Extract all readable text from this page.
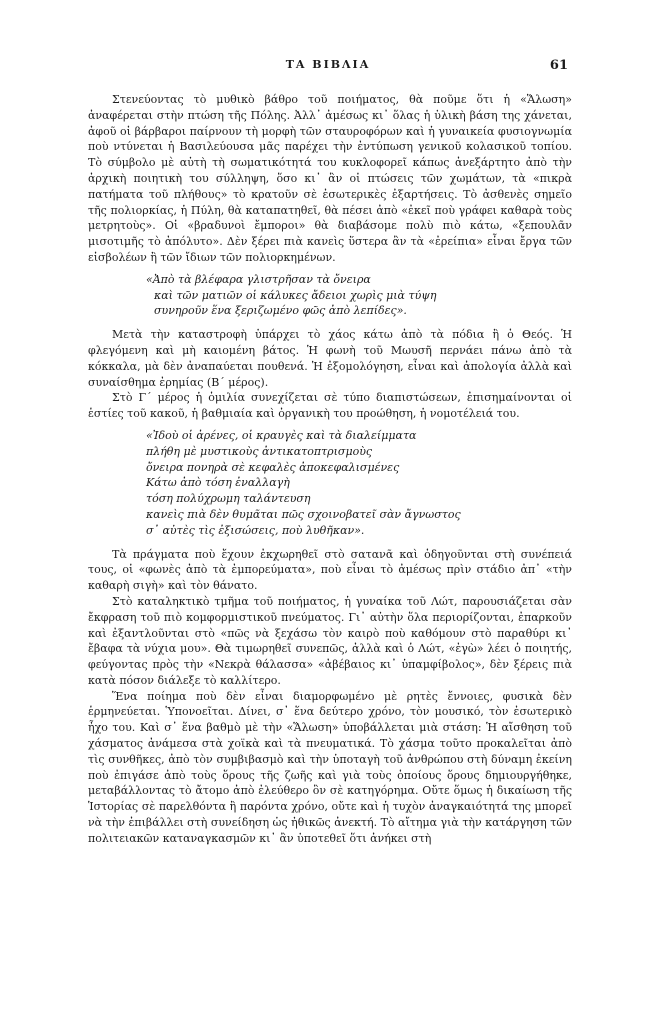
ΤΑ ΒΙΒΛΙΑ	61

Στενεύοντας τὸ μυθικὸ βάθρο τοῦ ποιήματος, θὰ ποῦμε ὅτι ἡ «Ἅλωση» ἀναφέρεται στὴν πτώση τῆς Πόλης. Ἀλλ᾽ ἀμέσως κι᾽ ὅλας ἡ ὑλικὴ βάση της χάνεται, ἀφοῦ οἱ βάρβαροι παίρνουν τὴ μορφὴ τῶν σταυροφόρων καὶ ἡ γυναικεία φυσιογνωμία ποὺ ντύνεται ἡ Βασιλεύουσα μᾶς παρέχει τὴν ἐντύπωση γενικοῦ κολασικοῦ τοπίου. Τὸ σύμβολο μὲ αὐτὴ τὴ σωματικότητά του κυκλοφορεῖ κάπως ἀνεξάρτητο ἀπὸ τὴν ἀρχικὴ ποιητικὴ του σύλληψη, ὅσο κι᾽ ἂν οἱ πτώσεις τῶν χωμάτων, τὰ «πικρὰ πατήματα τοῦ πλήθους» τὸ κρατοῦν σὲ ἐσωτερικὲς ἐξαρτήσεις. Τὸ ἀσθενὲς σημεῖο τῆς πολιορκίας, ἡ Πύλη, θὰ καταπατηθεῖ, θὰ πέσει ἀπὸ «ἐκεῖ ποὺ γράφει καθαρὰ τοὺς μετρητοὺς». Οἱ «βραδυνοὶ ἔμποροι» θὰ διαβάσομε πολὺ πιὸ κάτω, «ξεπουλᾶν μισοτιμῆς τὸ ἀπόλυτο». Δὲν ξέρει πιὰ κανεὶς ὕστερα ἂν τὰ «ἐρείπια» εἶναι ἔργα τῶν εἰσβολέων ἢ τῶν ἴδιων τῶν πολιορκημένων.

«Ἀπὸ τὰ βλέφαρα γλιστρῆσαν τὰ ὄνειρα
καὶ τῶν ματιῶν οἱ κάλυκες ἄδειοι χωρὶς μιὰ τύψη
συνηροῦν ἕνα ξεριζωμένο φῶς ἀπὸ λεπίδες».

Μετὰ τὴν καταστροφὴ ὑπάρχει τὸ χάος κάτω ἀπὸ τὰ πόδια ἢ ὁ Θεός. Ἡ φλεγόμενη καὶ μὴ καιομένη βάτος. Ἡ φωνὴ τοῦ Μωυσῆ περνάει πάνω ἀπὸ τὰ κόκκαλα, μὰ δὲν ἀναπαύεται πουθενά. Ἡ ἐξομολόγηση, εἶναι καὶ ἀπολογία ἀλλὰ καὶ συναίσθημα ἐρημίας (Β´ μέρος).

Στὸ Γ´ μέρος ἡ ὁμιλία συνεχίζεται σὲ τύπο διαπιστώσεων, ἐπισημαίνονται οἱ ἑστίες τοῦ κακοῦ, ἡ βαθμιαία καὶ ὀργανικὴ του προώθηση, ἡ νομοτέλειά του.

«Ἰδοὺ οἱ ἀρένες, οἱ κραυγὲς καὶ τὰ διαλείμματα
πλήθη μὲ μυστικοὺς ἀντικατοπτρισμοὺς
ὄνειρα πονηρὰ σὲ κεφαλὲς ἀποκεφαλισμένες
Κάτω ἀπὸ τόση ἐναλλαγὴ
τόση πολύχρωμη ταλάντευση
κανεὶς πιὰ δὲν θυμᾶται πῶς σχοινοβατεῖ σὰν ἄγνωστος
σ᾽ αὐτὲς τὶς ἐξισώσεις, ποὺ λυθῆκαν».

Τὰ πράγματα ποὺ ἔχουν ἐκχωρηθεῖ στὸ σατανᾶ καὶ ὁδηγοῦνται στὴ συνέπειά τους, οἱ «φωνὲς ἀπὸ τὰ ἐμπορεύματα», ποὺ εἶναι τὸ ἀμέσως πρὶν στάδιο ἀπ᾽ «τὴν καθαρὴ σιγὴ» καὶ τὸν θάνατο.

Στὸ καταληκτικὸ τμῆμα τοῦ ποιήματος, ἡ γυναίκα τοῦ Λώτ, παρουσιάζεται σὰν ἔκφραση τοῦ πιὸ κομφορμιστικοῦ πνεύματος. Γι᾽ αὐτὴν ὅλα περιορίζονται, ἐπαρκοῦν καὶ ἐξαντλοῦνται στὸ «πῶς νὰ ξεχάσω τὸν καιρὸ ποὺ καθόμουν στὸ παραθύρι κι᾽ ἔβαφα τὰ νύχια μου». Θὰ τιμωρηθεῖ συνεπῶς, ἀλλὰ καὶ ὁ Λώτ, «ἐγὼ» λέει ὁ ποιητής, φεύγοντας πρὸς τὴν «Νεκρὰ θάλασσα» «ἀβέβαιος κι᾽ ὑπαμφίβολος», δὲν ξέρεις πιὰ κατὰ πόσον διάλεξε τὸ καλλίτερο.

Ἕνα ποίημα ποὺ δὲν εἶναι διαμορφωμένο μὲ ρητὲς ἔννοιες, φυσικὰ δὲν ἑρμηνεύεται. Ὑπονοεῖται. Δίνει, σ᾽ ἕνα δεύτερο χρόνο, τὸν μουσικό, τὸν ἐσωτερικὸ ἦχο του. Καὶ σ᾽ ἕνα βαθμὸ μὲ τὴν «Ἅλωση» ὑποβάλλεται μιὰ στάση: Ἡ αἴσθηση τοῦ χάσματος ἀνάμεσα στὰ χοϊκὰ καὶ τὰ πνευματικά. Τὸ χάσμα τοῦτο προκαλεῖται ἀπὸ τὶς συνθῆκες, ἀπὸ τὸν συμβιβασμὸ καὶ τὴν ὑποταγὴ τοῦ ἀνθρώπου στὴ δύναμη ἐκείνη ποὺ ἐπιγάσε ἀπὸ τοὺς ὅρους τῆς ζωῆς καὶ γιὰ τοὺς ὁποίους ὅρους δημιουργήθηκε, μεταβάλλοντας τὸ ἄτομο ἀπὸ ἐλεύθερο ὂν σὲ κατηγόρημα. Οὔτε ὅμως ἡ δικαίωση τῆς Ἱστορίας σὲ παρελθόντα ἢ παρόντα χρόνο, οὔτε καὶ ἡ τυχὸν ἀναγκαιότητά της μπορεῖ νὰ τὴν ἐπιβάλλει στὴ συνείδηση ὡς ἠθικῶς ἀνεκτή. Τὸ αἴτημα γιὰ τὴν κατάργηση τῶν πολιτειακῶν καταναγκασμῶν κι᾽ ἂν ὑποτεθεῖ ὅτι ἀνήκει στὴ
